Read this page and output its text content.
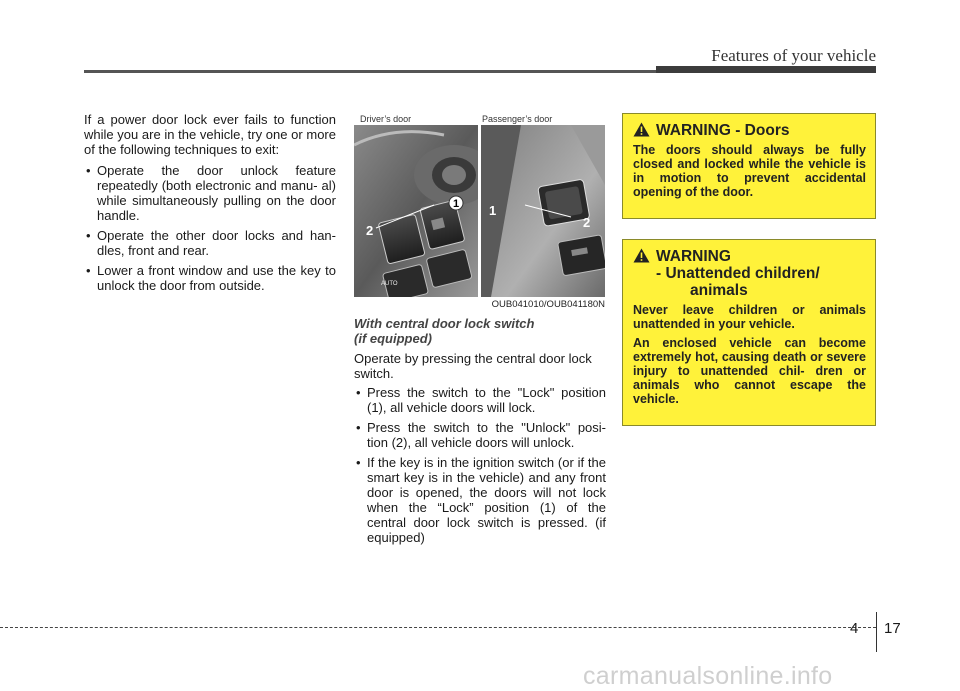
Features of your vehicle

If a power door lock ever fails to function while you are in the vehicle, try one or more of the following techniques to exit:

• Operate the door unlock feature repeatedly (both electronic and manu- al) while simultaneously pulling on the door handle.
• Operate the other door locks and han- dles, front and rear.
• Lower a front window and use the key to unlock the door from outside.
Driver’s door	Passenger’s door
AUTO
1
2
1
2
OUB041010/OUB041180N
With central door lock switch
(if equipped)

Operate by pressing the central door lock switch.

• Press the switch to the "Lock" position (1), all vehicle doors will lock.
• Press the switch to the "Unlock" posi- tion (2), all vehicle doors will unlock.
• If the key is in the ignition switch (or if the smart key is in the vehicle) and any front door is opened, the doors will not lock when the “Lock” position (1) of the central door lock switch is pressed. (if equipped)
WARNING - Doors

The doors should always be fully closed and locked while the vehicle is in motion to prevent accidental opening of the door.

WARNING
- Unattended children/
animals

Never leave children or animals unattended in your vehicle.

An enclosed vehicle can become extremely hot, causing death or severe injury to unattended chil- dren or animals who cannot escape the vehicle.

4 17
carmanualsonline.info
